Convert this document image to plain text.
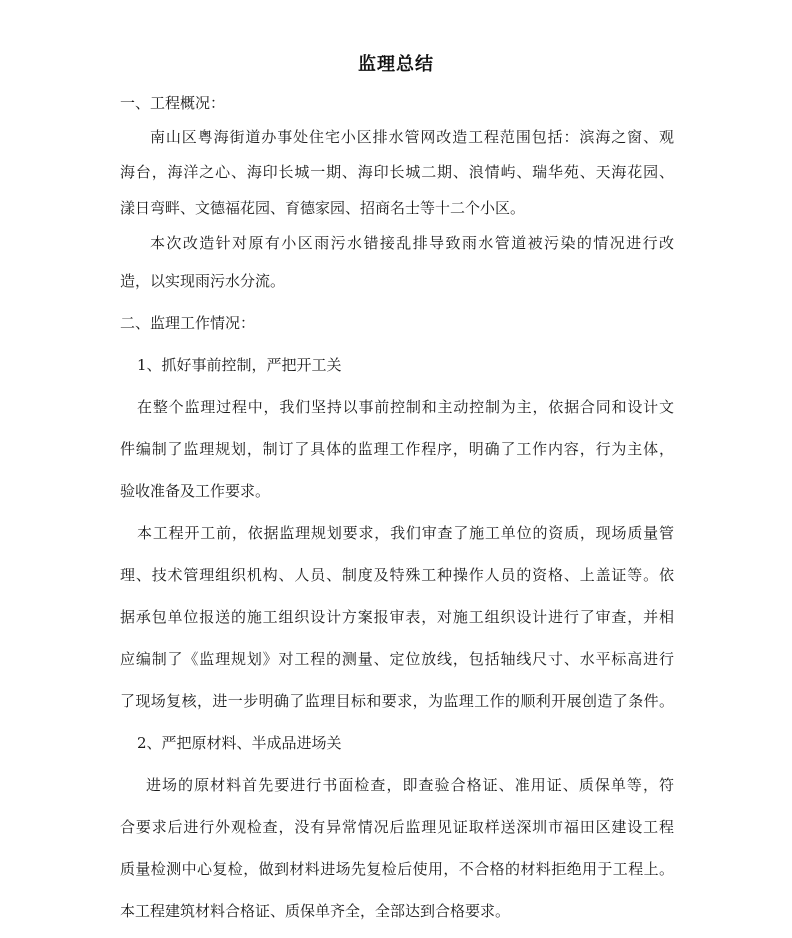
监理总结
一、工程概况：
南山区粤海街道办事处住宅小区排水管网改造工程范围包括：滨海之窗、观
海台，海洋之心、海印长城一期、海印长城二期、浪情屿、瑞华苑、天海花园、
漾日弯畔、文德福花园、育德家园、招商名士等十二个小区。
本次改造针对原有小区雨污水错接乱排导致雨水管道被污染的情况进行改
造，以实现雨污水分流。
二、监理工作情况：
1、抓好事前控制，严把开工关
在整个监理过程中，我们坚持以事前控制和主动控制为主，依据合同和设计文
件编制了监理规划，制订了具体的监理工作程序，明确了工作内容，行为主体，
验收准备及工作要求。
本工程开工前，依据监理规划要求，我们审查了施工单位的资质，现场质量管
理、技术管理组织机构、人员、制度及特殊工种操作人员的资格、上盖证等。依
据承包单位报送的施工组织设计方案报审表，对施工组织设计进行了审查，并相
应编制了《监理规划》对工程的测量、定位放线，包括轴线尺寸、水平标高进行
了现场复核，进一步明确了监理目标和要求，为监理工作的顺利开展创造了条件。
2、严把原材料、半成品进场关
进场的原材料首先要进行书面检查，即查验合格证、准用证、质保单等，符
合要求后进行外观检查，没有异常情况后监理见证取样送深圳市福田区建设工程
质量检测中心复检，做到材料进场先复检后使用，不合格的材料拒绝用于工程上。
本工程建筑材料合格证、质保单齐全，全部达到合格要求。
